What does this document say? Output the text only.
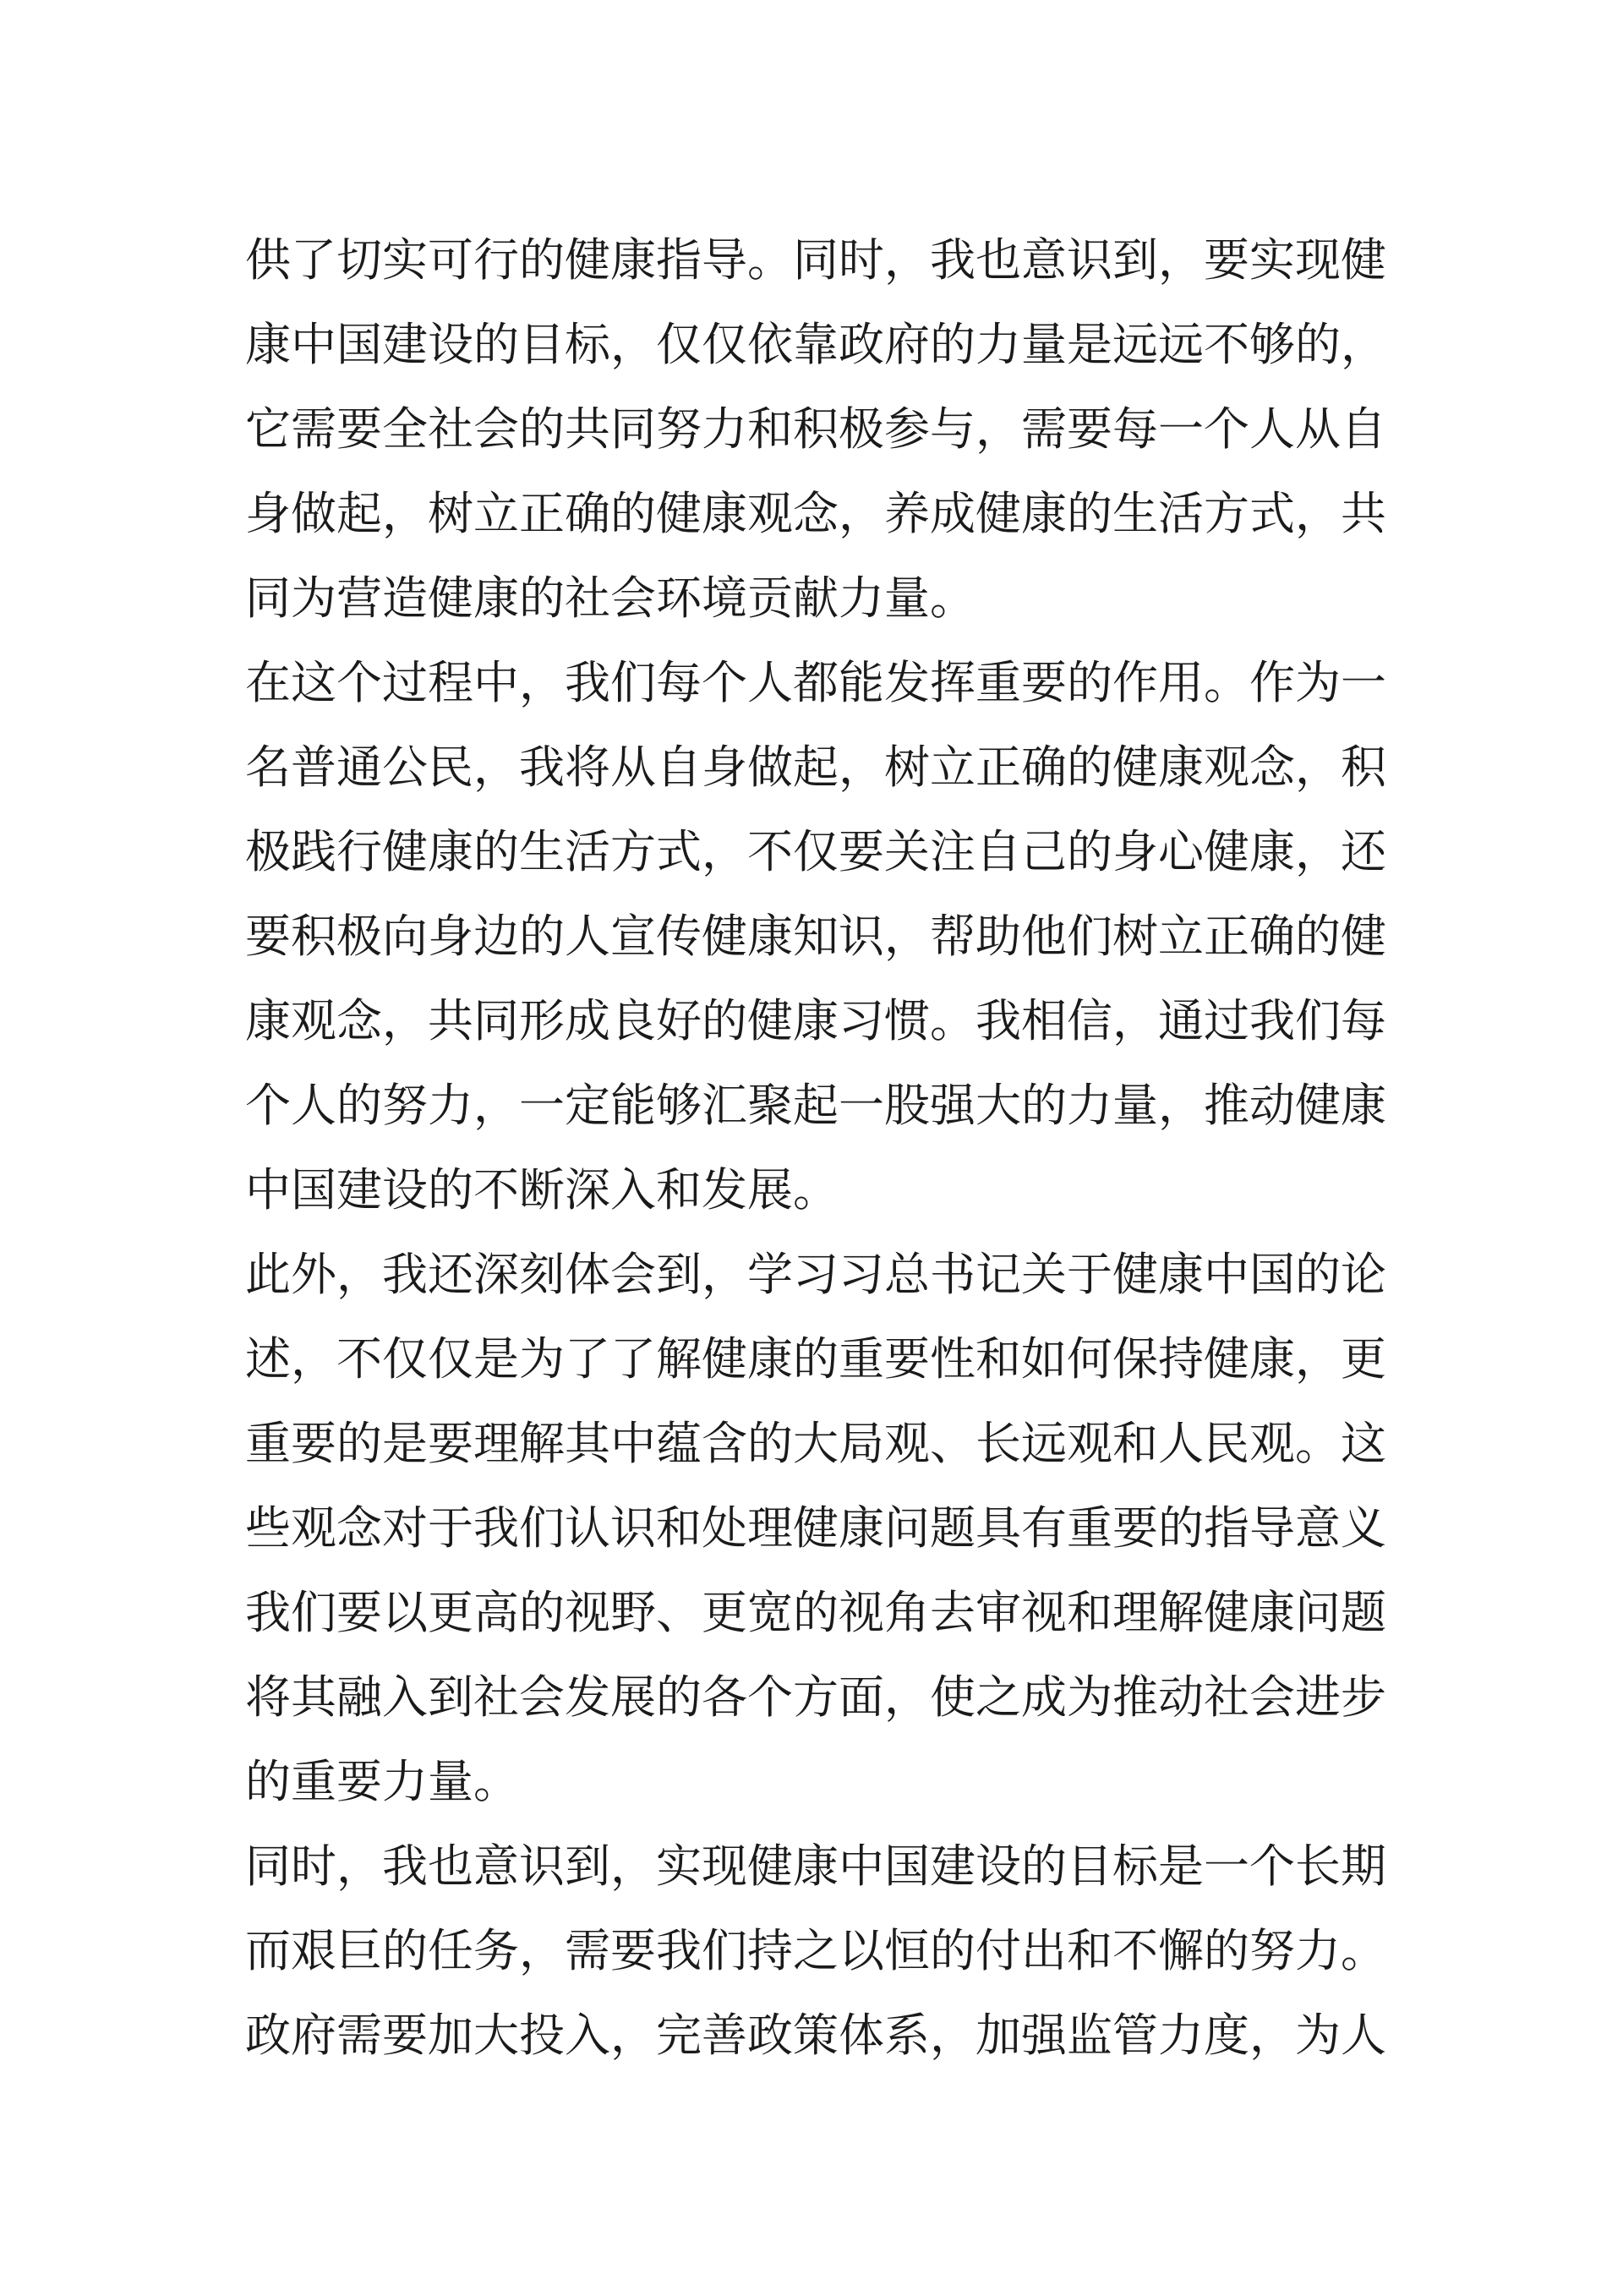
供了切实可行的健康指导。同时，我也意识到，要实现健
康中国建设的目标，仅仅依靠政府的力量是远远不够的，
它需要全社会的共同努力和积极参与，需要每一个人从自
身做起，树立正确的健康观念，养成健康的生活方式，共
同为营造健康的社会环境贡献力量。
在这个过程中，我们每个人都能发挥重要的作用。作为一
名普通公民，我将从自身做起，树立正确的健康观念，积
极践行健康的生活方式，不仅要关注自己的身心健康，还
要积极向身边的人宣传健康知识，帮助他们树立正确的健
康观念，共同形成良好的健康习惯。我相信，通过我们每
个人的努力，一定能够汇聚起一股强大的力量，推动健康
中国建设的不断深入和发展。
此外，我还深刻体会到，学习习总书记关于健康中国的论
述，不仅仅是为了了解健康的重要性和如何保持健康，更
重要的是要理解其中蕴含的大局观、长远观和人民观。这
些观念对于我们认识和处理健康问题具有重要的指导意义
我们要以更高的视野、更宽的视角去审视和理解健康问题
将其融入到社会发展的各个方面，使之成为推动社会进步
的重要力量。
同时，我也意识到，实现健康中国建设的目标是一个长期
而艰巨的任务，需要我们持之以恒的付出和不懈的努力。
政府需要加大投入，完善政策体系，加强监管力度，为人
